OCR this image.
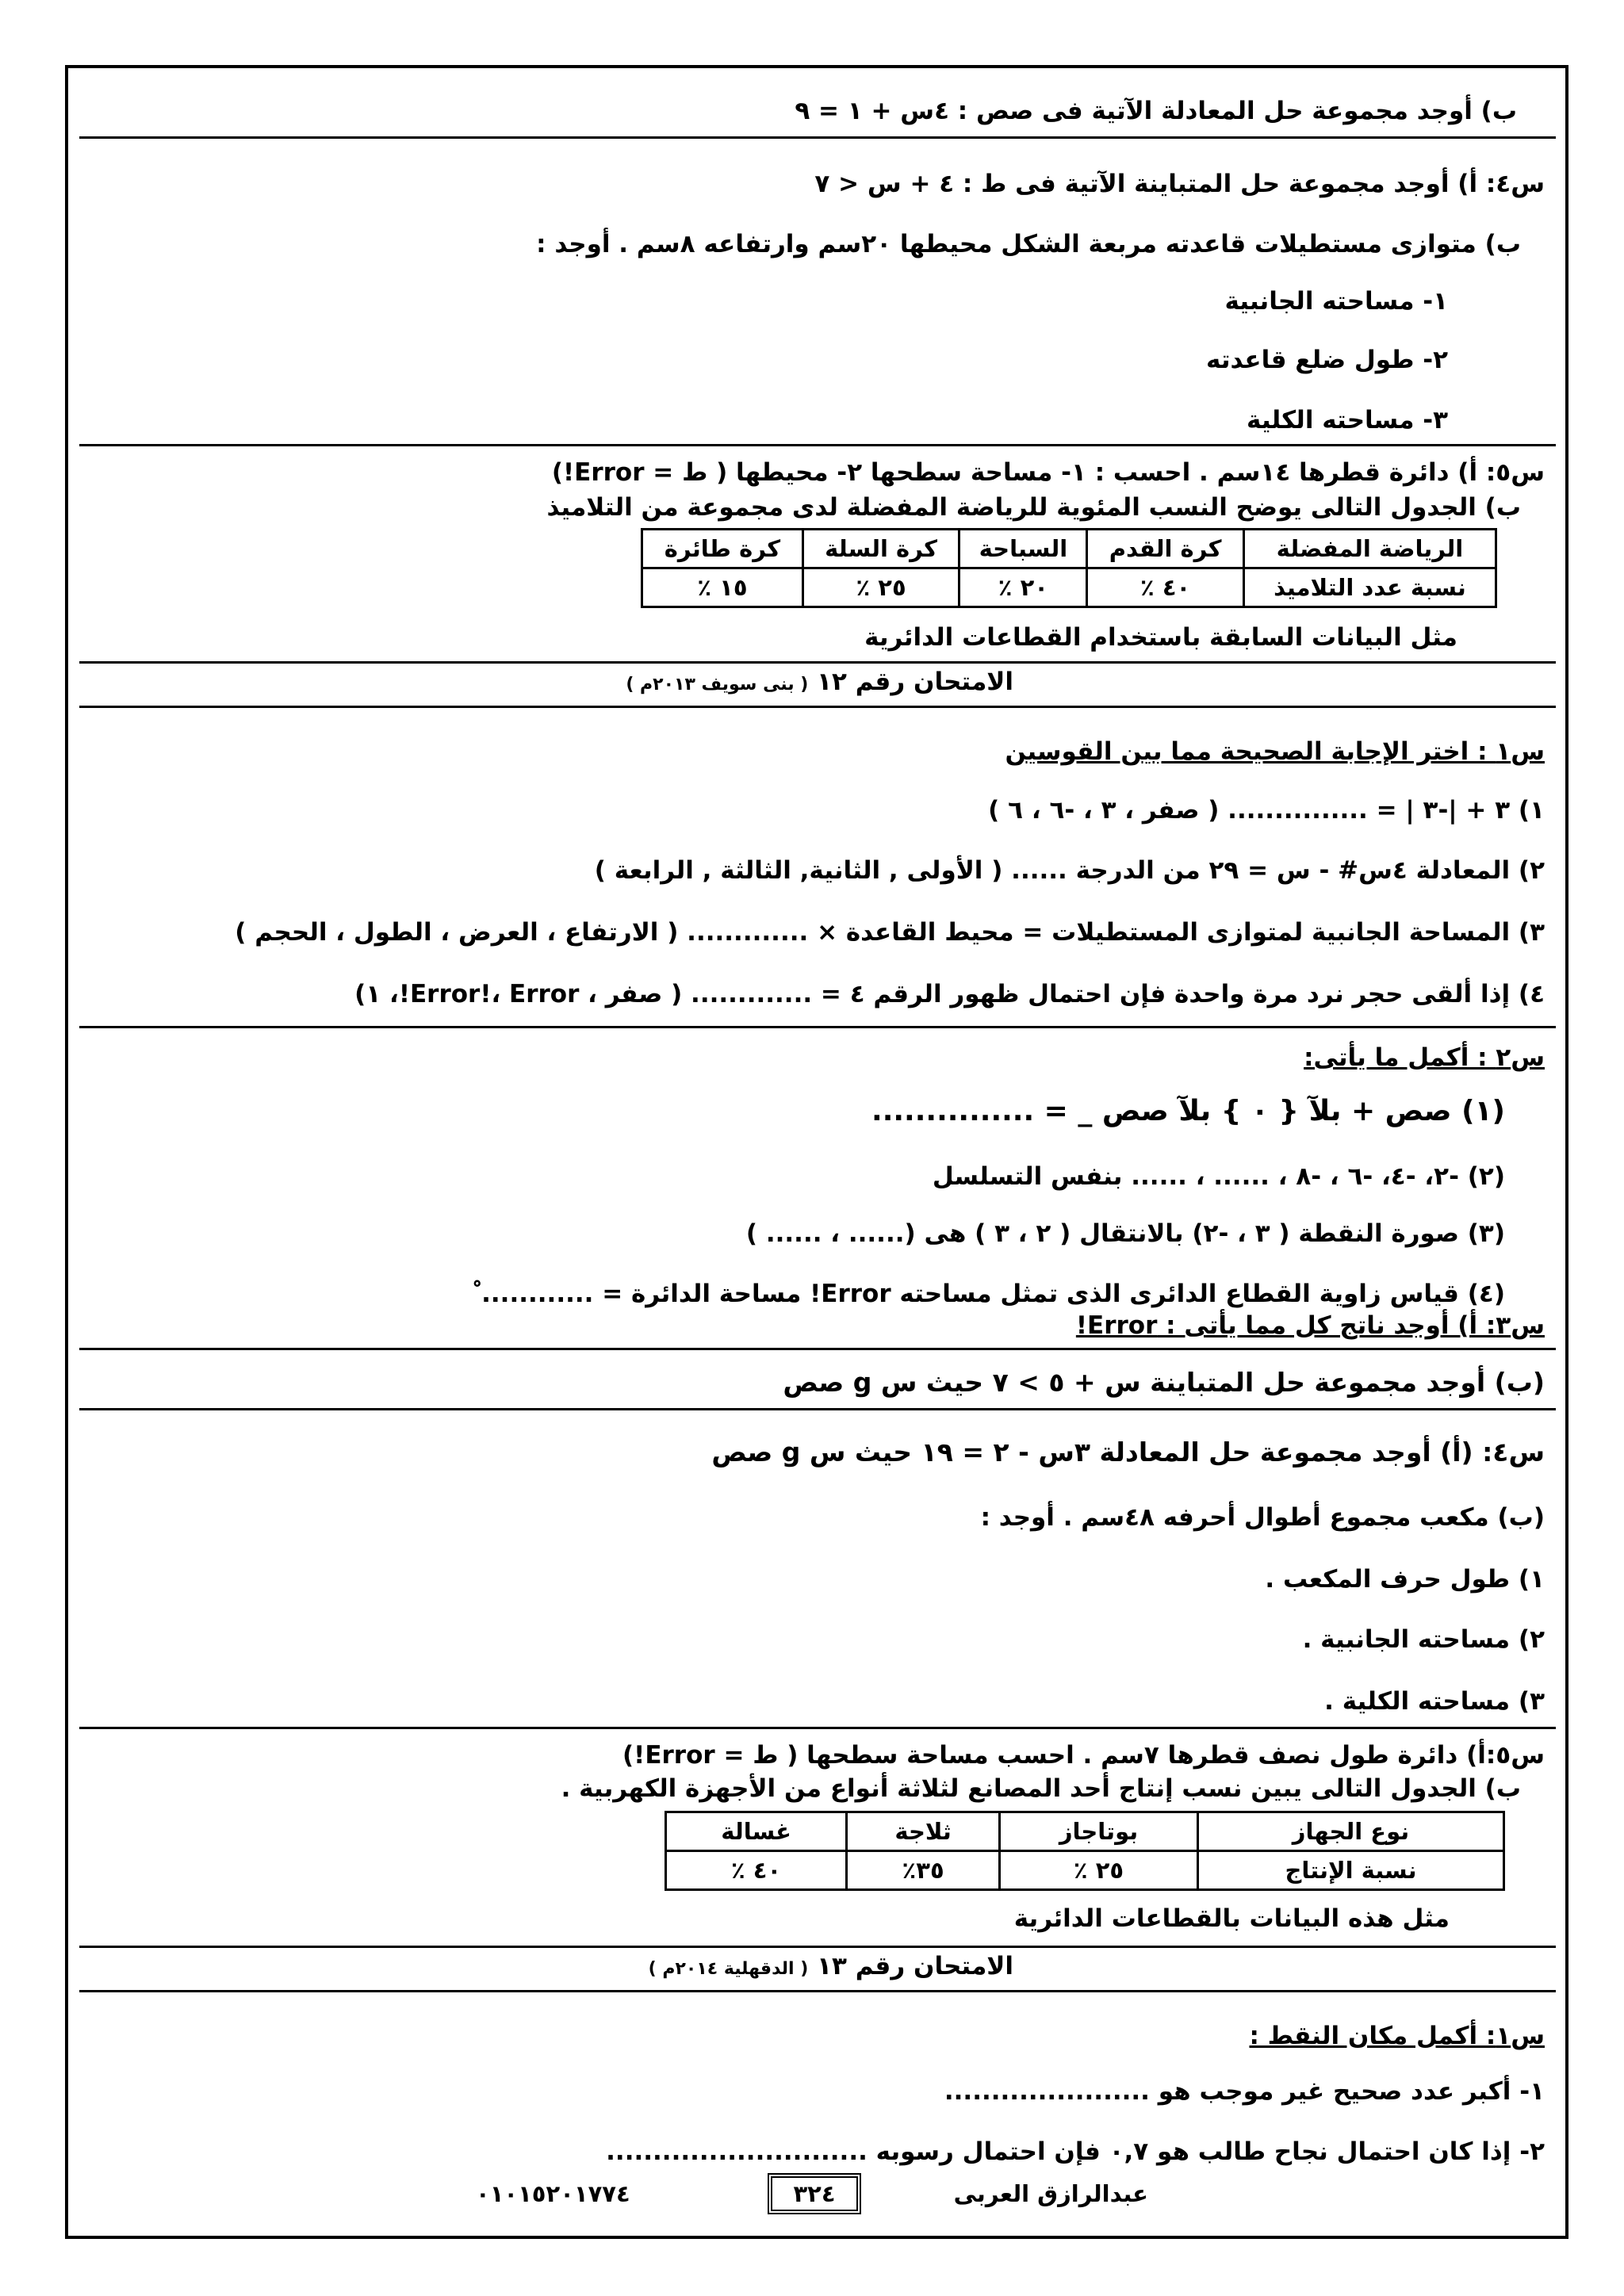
ب) أوجد مجموعة حل المعادلة الآتية فى صص : ٤س + ١ = ٩
س٤: أ) أوجد مجموعة حل المتباينة الآتية فى ط : ٤ + س < ٧
ب) متوازى مستطيلات قاعدته مربعة الشكل محيطها ٢٠سم وارتفاعه ٨سم . أوجد :
١- مساحته الجانبية
٢- طول ضلع قاعدته
٣- مساحته الكلية
س٥: أ) دائرة قطرها ١٤سم . احسب : ١- مساحة سطحها ٢- محيطها ( ط = Error!)
ب) الجدول التالى يوضح النسب المئوية للرياضة المفضلة لدى مجموعة من التلاميذ
الرياضة المفضلة	كرة القدم	السباحة	كرة السلة	كرة طائرة
نسبة عدد التلاميذ	٤٠ ٪	٢٠ ٪	٢٥ ٪	١٥ ٪
مثل البيانات السابقة باستخدام القطاعات الدائرية
الامتحان رقم ١٢ ( بنى سويف ٢٠١٣م )
س١ : اختر الإجابة الصحيحة مما بين القوسين
١) ٣ + |-٣ | = ............... ( صفر ، ٣ ، -٦ ، ٦ )
٢) المعادلة ٤س# - س = ٢٩ من الدرجة ...... ( الأولى , الثانية, الثالثة , الرابعة )
٣) المساحة الجانبية لمتوازى المستطيلات = محيط القاعدة × ............. ( الارتفاع ، العرض ، الطول ، الحجم )
٤) إذا ألقى حجر نرد مرة واحدة فإن احتمال ظهور الرقم ٤ = ............. ( صفر ، Error!، Error!، ١)
س٢ : أكمل ما يأتى:
(١) صص + بلآ { ٠ } بلآ صص _ = ...............
(٢) -٢، -٤، -٦ ، -٨ ، ...... ، ...... بنفس التسلسل
(٣) صورة النقطة ( ٣ ، -٢) بالانتقال ( ٢ ، ٣ ) هى (...... ، ...... )
(٤) قياس زاوية القطاع الدائرى الذى تمثل مساحته Error! مساحة الدائرة = ............ ْ
س٣: أ) أوجد ناتج كل مما يأتى : Error!
(ب) أوجد مجموعة حل المتباينة س + ٥ > ٧ حيث س g صص
س٤: (أ) أوجد مجموعة حل المعادلة ٣س - ٢ = ١٩ حيث س g صص
(ب) مكعب مجموع أطوال أحرفه ٤٨سم . أوجد :
١) طول حرف المكعب .
٢) مساحته الجانبية .
٣) مساحته الكلية .
س٥:أ) دائرة طول نصف قطرها ٧سم . احسب مساحة سطحها ( ط = Error!)
ب) الجدول التالى يبين نسب إنتاج أحد المصانع لثلاثة أنواع من الأجهزة الكهربية .
نوع الجهاز	بوتاجاز	ثلاجة	غسالة
نسبة الإنتاج	٢٥ ٪	٣٥٪	٤٠ ٪
مثل هذه البيانات بالقطاعات الدائرية
الامتحان رقم ١٣ ( الدقهلية ٢٠١٤م )
س١: أكمل مكان النقط :
١- أكبر عدد صحيح غير موجب هو ......................
٢- إذا كان احتمال نجاح طالب هو ٠,٧ فإن احتمال رسوبه ............................
عبدالرازق العربى
٣٢٤
٠١٠١٥٢٠١٧٧٤
